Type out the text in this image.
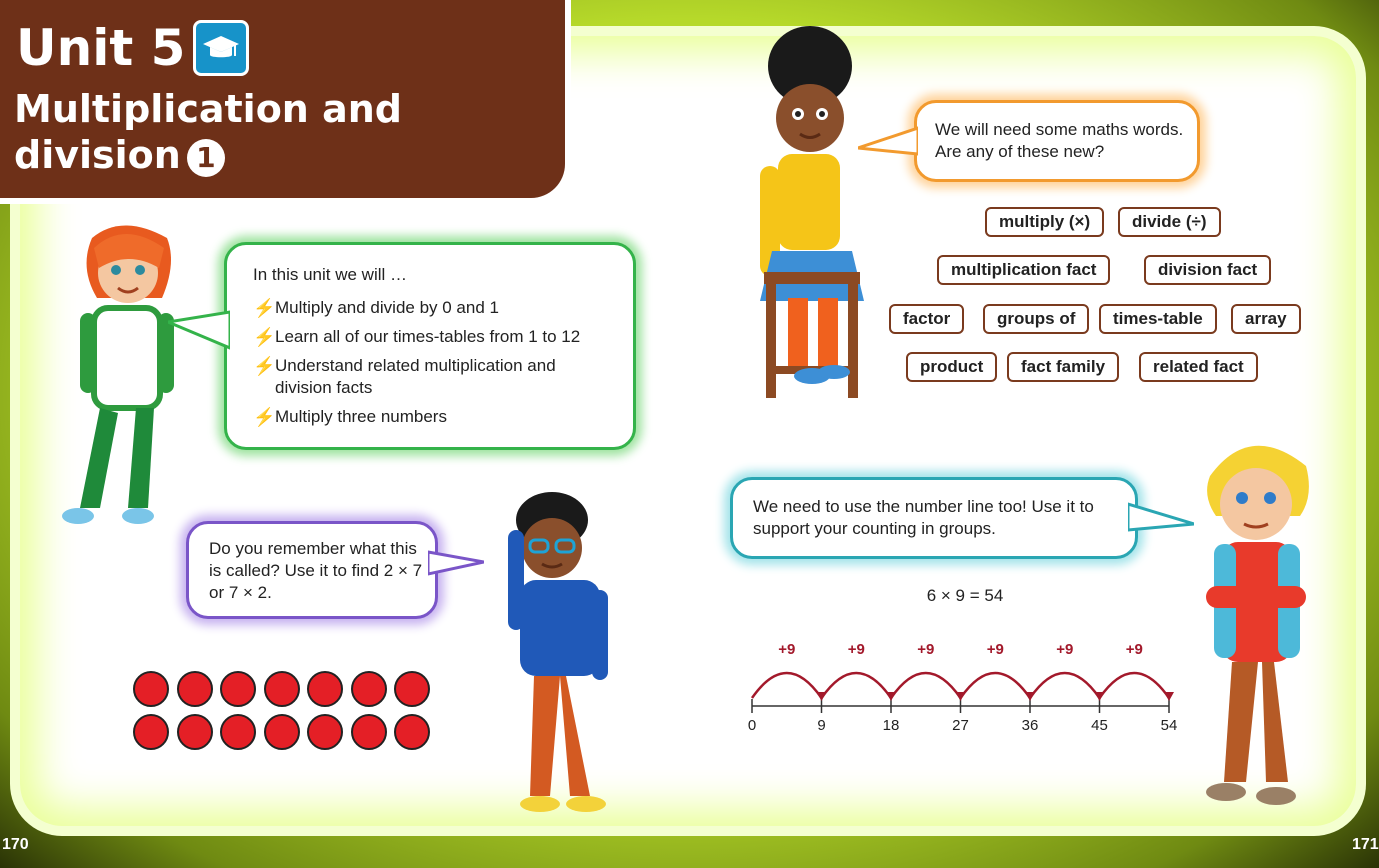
Unit 5
Multiplication and division 1
In this unit we will …
⚡ Multiply and divide by 0 and 1
⚡ Learn all of our times-tables from 1 to 12
⚡ Understand related multiplication and division facts
⚡ Multiply three numbers
We will need some maths words. Are any of these new?
multiply (×)	divide (÷)
multiplication fact	division fact
factor	groups of	times-table	array
product	fact family	related fact
Do you remember what this is called? Use it to find 2 × 7 or 7 × 2.
We need to use the number line too! Use it to support your counting in groups.
6 × 9 = 54
0	9	18	27	36	45	54
+9	+9	+9	+9	+9	+9
170	171
